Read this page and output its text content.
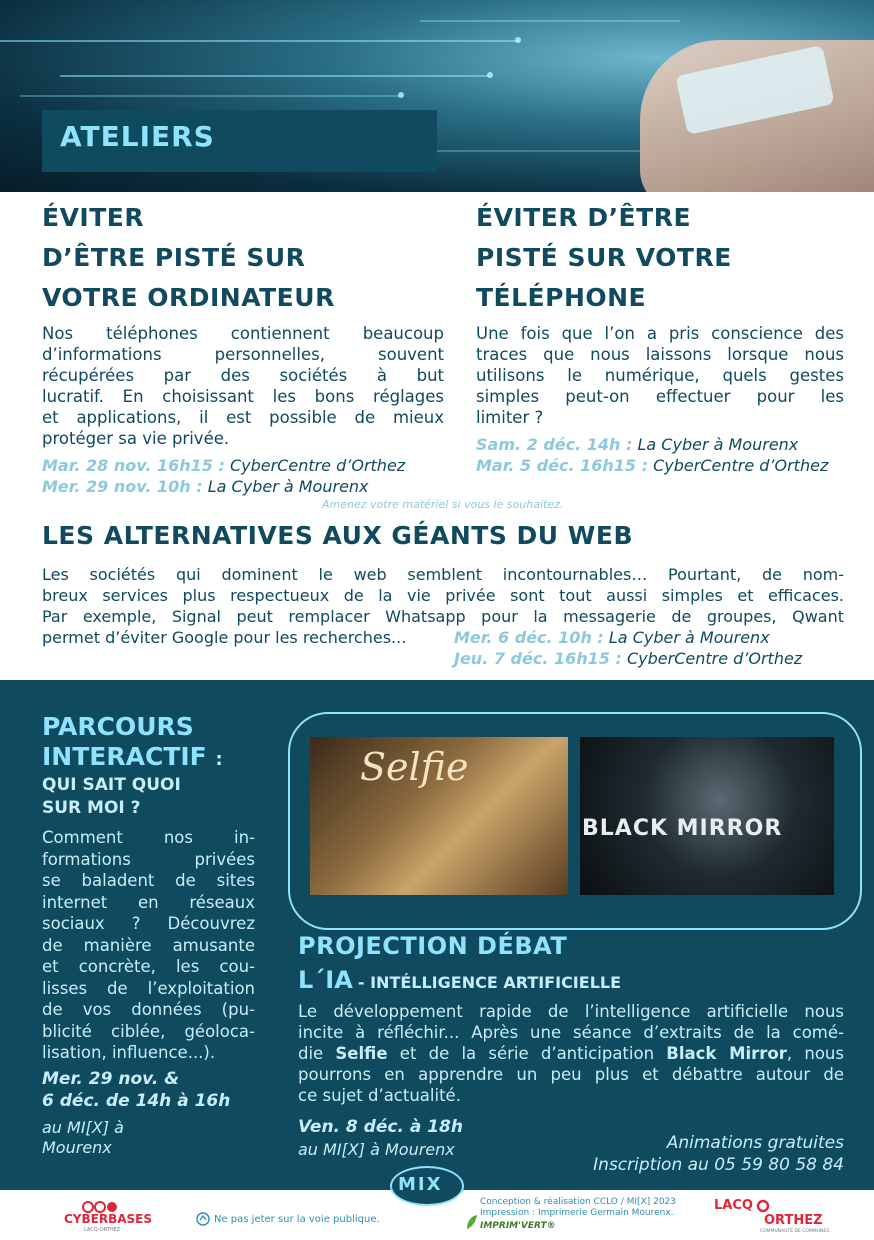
ATELIERS
ÉVITER
D’ÊTRE PISTÉ SUR
VOTRE ORDINATEUR
Nos téléphones contiennent beaucoup
d’informations personnelles, souvent
récupérées par des sociétés à but
lucratif. En choisissant les bons réglages
et applications, il est possible de mieux
protéger sa vie privée.
Mar. 28 nov. 16h15 : CyberCentre d’Orthez
Mer. 29 nov. 10h : La Cyber à Mourenx
ÉVITER D’ÊTRE
PISTÉ SUR VOTRE
TÉLÉPHONE
Une fois que l’on a pris conscience des
traces que nous laissons lorsque nous
utilisons le numérique, quels gestes
simples peut-on effectuer pour les
limiter ?
Sam. 2 déc. 14h : La Cyber à Mourenx
Mar. 5 déc. 16h15 : CyberCentre d’Orthez
Amenez votre matériel si vous le souhaitez.
LES ALTERNATIVES AUX GÉANTS DU WEB
Les sociétés qui dominent le web semblent incontournables… Pourtant, de nom-
breux services plus respectueux de la vie privée sont tout aussi simples et efficaces.
Par exemple, Signal peut remplacer Whatsapp pour la messagerie de groupes, Qwant
permet d’éviter Google pour les recherches...	Mer. 6 déc. 10h : La Cyber à Mourenx
Jeu. 7 déc. 16h15 : CyberCentre d’Orthez
PARCOURS
INTERACTIF :
QUI SAIT QUOI
SUR MOI ?
Comment nos in-
formations privées
se baladent de sites
internet en réseaux
sociaux ? Découvrez
de manière amusante
et concrète, les cou-
lisses de l’exploitation
de vos données (pu-
blicité ciblée, géoloca-
lisation, influence...).
Mer. 29 nov. &
6 déc. de 14h à 16h
au MI[X] à
Mourenx
Selfie
BLACK MIRROR
PROJECTION DÉBAT
L´IA - INTÉLLIGENCE ARTIFICIELLE
Le développement rapide de l’intelligence artificielle nous
incite à réfléchir... Après une séance d’extraits de la comé-
die Selfie et de la série d’anticipation Black Mirror, nous
pourrons en apprendre un peu plus et débattre autour de
ce sujet d’actualité.
Ven. 8 déc. à 18h
au MI[X] à Mourenx	Animations gratuites
Inscription au 05 59 80 58 84
CYBERBASES
LACQ-ORTHEZ
Ne pas jeter sur la voie publique.
MIX
Conception & réalisation CCLO / MI[X] 2023
Impression : Imprimerie Germain Mourenx.
IMPRIM'VERT®
LACQ
ORTHEZ
COMMUNAUTÉ DE COMMUNES
